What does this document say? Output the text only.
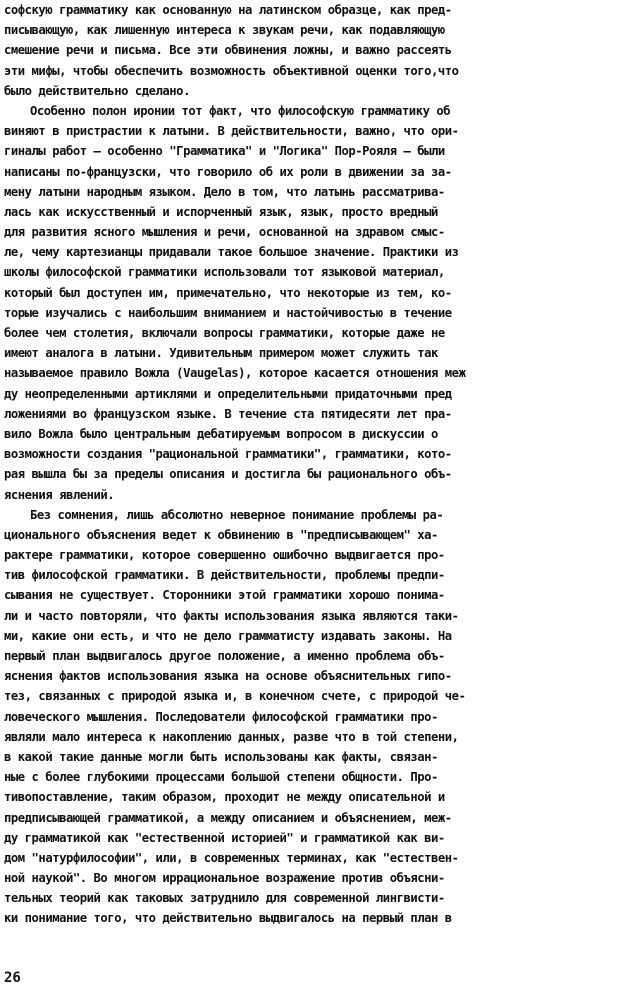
софскую грамматику как основанную на латинском образце, как пред-
писывающую, как лишенную интереса к звукам речи, как подавляющую
смешение речи и письма. Все эти обвинения ложны, и важно рассеять
эти мифы, чтобы обеспечить возможность объективной оценки того,что
было действительно сделано.
Особенно полон иронии тот факт, что философскую грамматику об
виняют в пристрастии к латыни. В действительности, важно, что ори-
гиналы работ – особенно "Грамматика" и "Логика" Пор-Рояля – были
написаны по-французски, что говорило об их роли в движении за за-
мену латыни народным языком. Дело в том, что латынь рассматрива-
лась как искусственный и испорченный язык, язык, просто вредный
для развития ясного мышления и речи, основанной на здравом смыс-
ле, чему картезианцы придавали такое большое значение. Практики из
школы философской грамматики использовали тот языковой материал,
который был доступен им, примечательно, что некоторые из тем, ко-
торые изучались с наибольшим вниманием и настойчивостью в течение
более чем столетия, включали вопросы грамматики, которые даже не
имеют аналога в латыни. Удивительным примером может служить так
называемое правило Вожла (Vaugelas), которое касается отношения меж
ду неопределенными артиклями и определительными придаточными пред
ложениями во французском языке. В течение ста пятидесяти лет пра-
вило Вожла было центральным дебатируемым вопросом в дискуссии о
возможности создания "рациональной грамматики", грамматики, кото-
рая вышла бы за пределы описания и достигла бы рационального объ-
яснения явлений.
Без сомнения, лишь абсолютно неверное понимание проблемы ра-
ционального объяснения ведет к обвинению в "предписывающем" ха-
рактере грамматики, которое совершенно ошибочно выдвигается про-
тив философской грамматики. В действительности, проблемы предпи-
сывания не существует. Сторонники этой грамматики хорошо понима-
ли и часто повторяли, что факты использования языка являются таки-
ми, какие они есть, и что не дело грамматисту издавать законы. На
первый план выдвигалось другое положение, а именно проблема объ-
яснения фактов использования языка на основе объяснительных гипо-
тез, связанных с природой языка и, в конечном счете, с природой че-
ловеческого мышления. Последователи философской грамматики про-
являли мало интереса к накоплению данных, разве что в той степени,
в какой такие данные могли быть использованы как факты, связан-
ные с более глубокими процессами большой степени общности. Про-
тивопоставление, таким образом, проходит не между описательной и
предписывающей грамматикой, а между описанием и объяснением, меж-
ду грамматикой как "естественной историей" и грамматикой как ви-
дом "натурфилософии", или, в современных терминах, как "естествен-
ной наукой". Во многом иррациональное возражение против объясни-
тельных теорий как таковых затруднило для современной лингвисти-
ки понимание того, что действительно выдвигалось на первый план в
26
